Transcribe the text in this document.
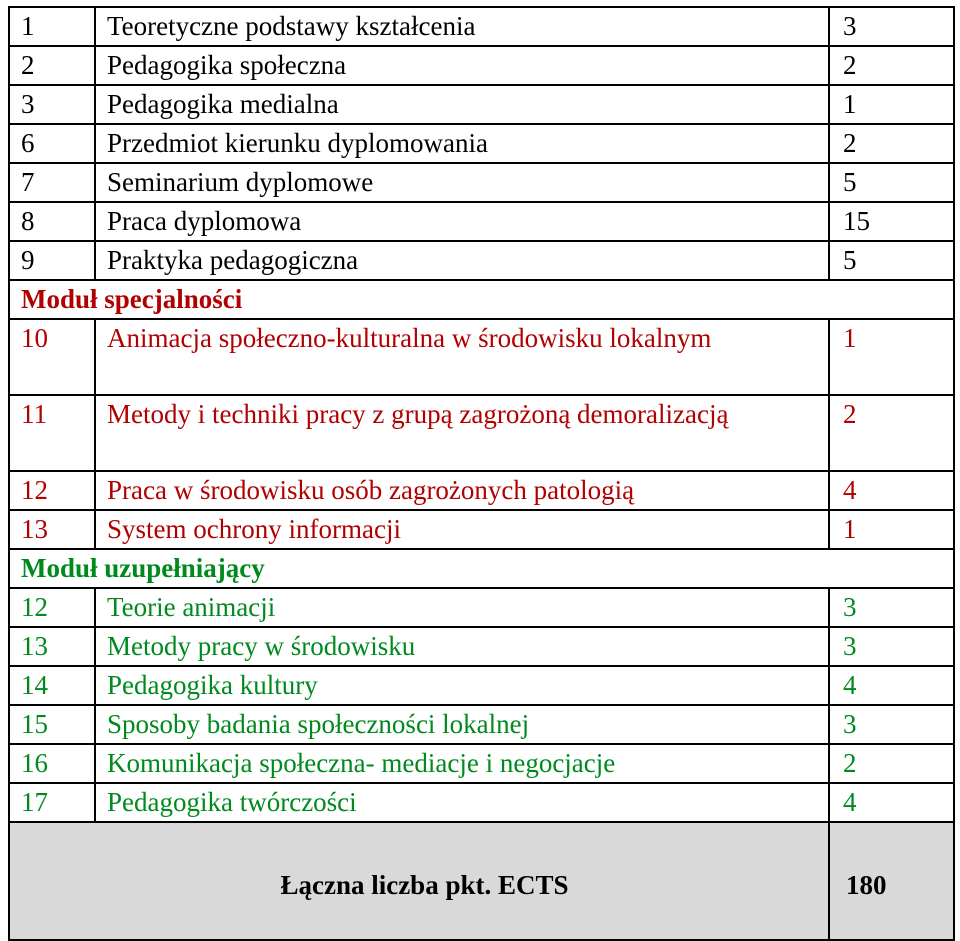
1	Teoretyczne podstawy kształcenia	3
2	Pedagogika społeczna	2
3	Pedagogika medialna	1
6	Przedmiot kierunku dyplomowania	2
7	Seminarium dyplomowe	5
8	Praca dyplomowa	15
9	Praktyka pedagogiczna	5
Moduł specjalności		
10	Animacja społeczno-kulturalna w środowisku lokalnym	1
11	Metody i techniki pracy z grupą zagrożoną demoralizacją	2
12	Praca w środowisku osób zagrożonych patologią	4
13	System ochrony informacji	1
Moduł uzupełniający		
12	Teorie animacji	3
13	Metody pracy w środowisku	3
14	Pedagogika kultury	4
15	Sposoby badania społeczności lokalnej	3
16	Komunikacja społeczna- mediacje i negocjacje	2
17	Pedagogika twórczości	4
Łączna liczba pkt. ECTS		180
